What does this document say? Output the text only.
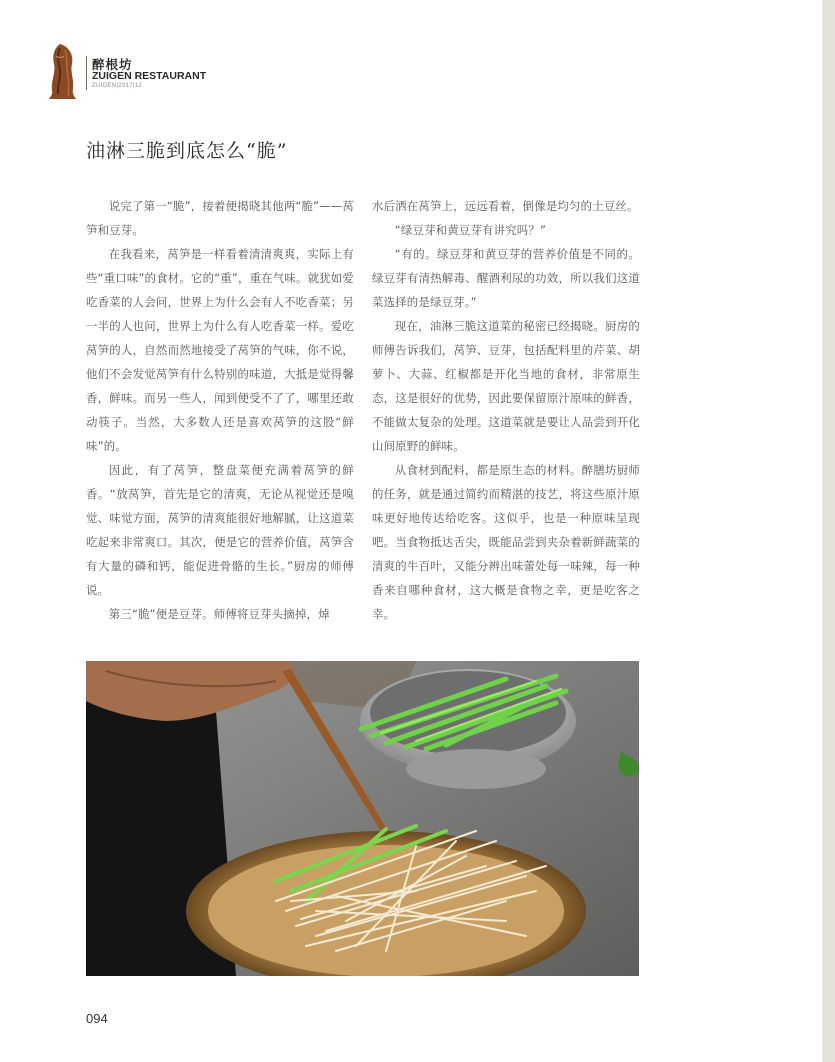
醉根坊
ZUIGEN RESTAURANT
ZUIGEN|2017|12
油淋三脆到底怎么“脆”

说完了第一“脆”，接着便揭晓其他两“脆”——莴笋和豆芽。

在我看来，莴笋是一样看着清清爽爽，实际上有些“重口味”的食材。它的“重”，重在气味。就犹如爱吃香菜的人会问，世界上为什么会有人不吃香菜；另一半的人也问，世界上为什么有人吃香菜一样。爱吃莴笋的人，自然而然地接受了莴笋的气味，你不说，他们不会发觉莴笋有什么特别的味道，大抵是觉得馨香，鲜味。而另一些人，闻到便受不了了，哪里还敢动筷子。当然，大多数人还是喜欢莴笋的这股“鲜味”的。

因此，有了莴笋，整盘菜便充满着莴笋的鲜香。“放莴笋，首先是它的清爽，无论从视觉还是嗅觉、味觉方面，莴笋的清爽能很好地解腻，让这道菜吃起来非常爽口。其次，便是它的营养价值，莴笋含有大量的磷和钙，能促进骨骼的生长。”厨房的师傅说。

第三“脆”便是豆芽。师傅将豆芽头摘掉，焯

水后洒在莴笋上，远远看着，倒像是均匀的土豆丝。

“绿豆芽和黄豆芽有讲究吗？”

“有的。绿豆芽和黄豆芽的营养价值是不同的。绿豆芽有清热解毒、醒酒利尿的功效，所以我们这道菜选择的是绿豆芽。”

现在，油淋三脆这道菜的秘密已经揭晓。厨房的师傅告诉我们，莴笋、豆芽，包括配料里的芹菜、胡萝卜、大蒜、红椒都是开化当地的食材，非常原生态，这是很好的优势，因此要保留原汁原味的鲜香，不能做太复杂的处理。这道菜就是要让人品尝到开化山间原野的鲜味。

从食材到配料，都是原生态的材料。醉膳坊厨师的任务，就是通过简约而精湛的技艺，将这些原汁原味更好地传达给吃客。这似乎，也是一种原味呈现吧。当食物抵达舌尖，既能品尝到夹杂着新鲜蔬菜的清爽的牛百叶，又能分辨出味蕾处每一味辣，每一种香来自哪种食材，这大概是食物之幸，更是吃客之幸。

094
